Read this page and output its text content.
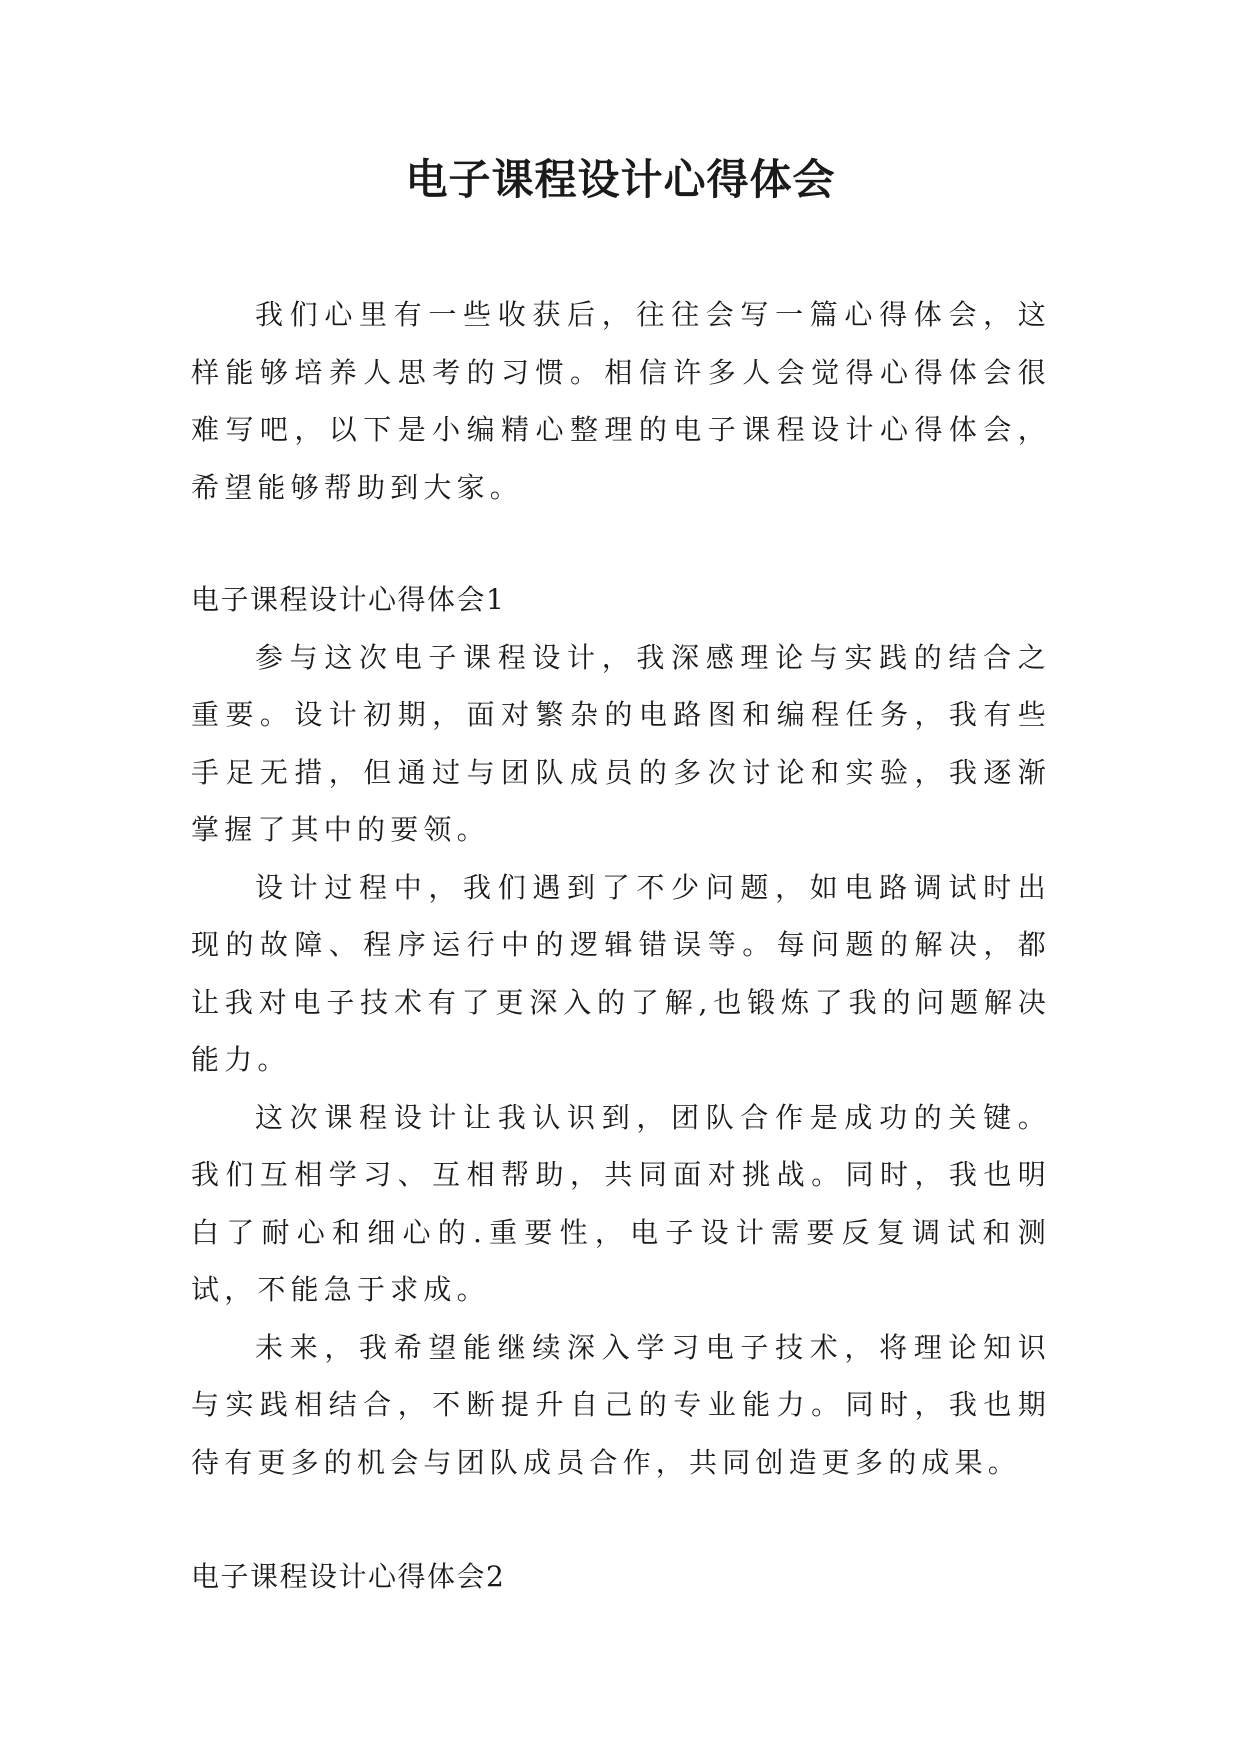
电子课程设计心得体会

我们心里有一些收获后，往往会写一篇心得体会，这样能够培养人思考的习惯。相信许多人会觉得心得体会很难写吧，以下是小编精心整理的电子课程设计心得体会，希望能够帮助到大家。

电子课程设计心得体会1

参与这次电子课程设计，我深感理论与实践的结合之重要。设计初期，面对繁杂的电路图和编程任务，我有些手足无措，但通过与团队成员的多次讨论和实验，我逐渐掌握了其中的要领。

设计过程中，我们遇到了不少问题，如电路调试时出现的故障、程序运行中的逻辑错误等。每问题的解决，都让我对电子技术有了更深入的了解,也锻炼了我的问题解决能力。

这次课程设计让我认识到，团队合作是成功的关键。我们互相学习、互相帮助，共同面对挑战。同时，我也明白了耐心和细心的.重要性，电子设计需要反复调试和测试，不能急于求成。

未来，我希望能继续深入学习电子技术，将理论知识与实践相结合，不断提升自己的专业能力。同时，我也期待有更多的机会与团队成员合作，共同创造更多的成果。

电子课程设计心得体会2
